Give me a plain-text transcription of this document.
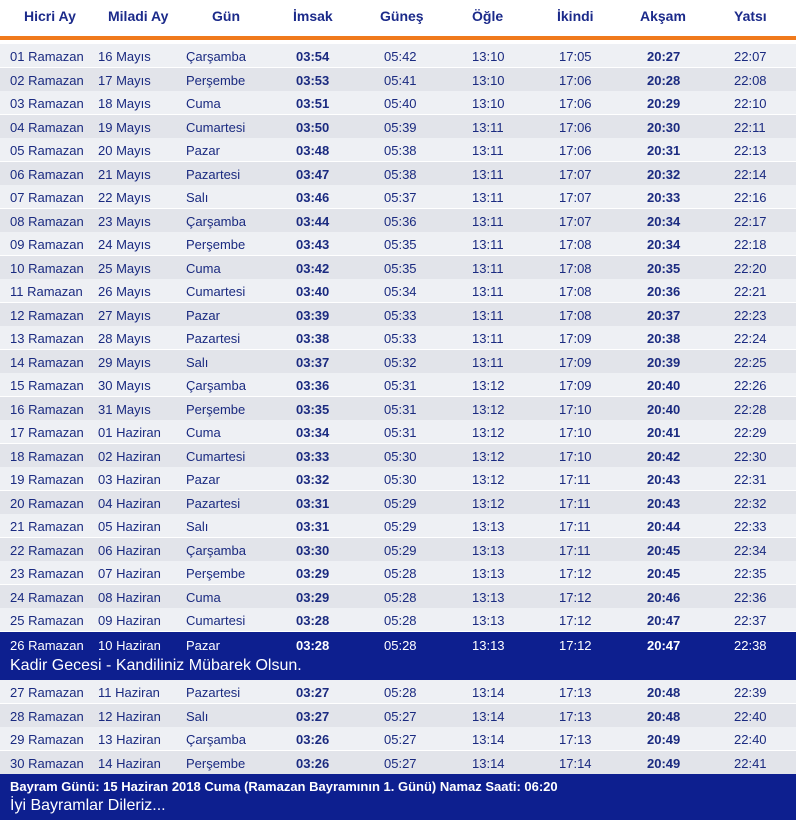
Hicri Ay Miladi Ay	Gün	İmsak	Güneş	Öğle	İkindi	Akşam	Yatsı
01 Ramazan 16 Mayıs	Çarşamba	03:54	05:42	13:10	17:05	20:27	22:07
02 Ramazan 17 Mayıs	Perşembe	03:53	05:41	13:10	17:06	20:28	22:08
03 Ramazan 18 Mayıs	Cuma	03:51	05:40	13:10	17:06	20:29	22:10
04 Ramazan 19 Mayıs	Cumartesi	03:50	05:39	13:11	17:06	20:30	22:11
05 Ramazan 20 Mayıs	Pazar	03:48	05:38	13:11	17:06	20:31	22:13
06 Ramazan 21 Mayıs	Pazartesi	03:47	05:38	13:11	17:07	20:32	22:14
07 Ramazan 22 Mayıs	Salı	03:46	05:37	13:11	17:07	20:33	22:16
08 Ramazan 23 Mayıs	Çarşamba	03:44	05:36	13:11	17:07	20:34	22:17
09 Ramazan 24 Mayıs	Perşembe	03:43	05:35	13:11	17:08	20:34	22:18
10 Ramazan 25 Mayıs	Cuma	03:42	05:35	13:11	17:08	20:35	22:20
11 Ramazan 26 Mayıs	Cumartesi	03:40	05:34	13:11	17:08	20:36	22:21
12 Ramazan 27 Mayıs	Pazar	03:39	05:33	13:11	17:08	20:37	22:23
13 Ramazan 28 Mayıs	Pazartesi	03:38	05:33	13:11	17:09	20:38	22:24
14 Ramazan 29 Mayıs	Salı	03:37	05:32	13:11	17:09	20:39	22:25
15 Ramazan 30 Mayıs	Çarşamba	03:36	05:31	13:12	17:09	20:40	22:26
16 Ramazan 31 Mayıs	Perşembe	03:35	05:31	13:12	17:10	20:40	22:28
17 Ramazan 01 Haziran Cuma	03:34	05:31	13:12	17:10	20:41	22:29
18 Ramazan 02 Haziran Cumartesi	03:33	05:30	13:12	17:10	20:42	22:30
19 Ramazan 03 Haziran Pazar	03:32	05:30	13:12	17:11	20:43	22:31
20 Ramazan 04 Haziran Pazartesi	03:31	05:29	13:12	17:11	20:43	22:32
21 Ramazan 05 Haziran Salı	03:31	05:29	13:13	17:11	20:44	22:33
22 Ramazan 06 Haziran Çarşamba	03:30	05:29	13:13	17:11	20:45	22:34
23 Ramazan 07 Haziran Perşembe	03:29	05:28	13:13	17:12	20:45	22:35
24 Ramazan 08 Haziran Cuma	03:29	05:28	13:13	17:12	20:46	22:36
25 Ramazan 09 Haziran Cumartesi	03:28	05:28	13:13	17:12	20:47	22:37
26 Ramazan 10 Haziran Pazar	03:28	05:28	13:13	17:12	20:47	22:38
Kadir Gecesi - Kandiliniz Mübarek Olsun.
27 Ramazan 11 Haziran Pazartesi	03:27	05:28	13:14	17:13	20:48	22:39
28 Ramazan 12 Haziran Salı	03:27	05:27	13:14	17:13	20:48	22:40
29 Ramazan 13 Haziran Çarşamba	03:26	05:27	13:14	17:13	20:49	22:40
30 Ramazan 14 Haziran Perşembe	03:26	05:27	13:14	17:14	20:49	22:41
Bayram Günü: 15 Haziran 2018 Cuma (Ramazan Bayramının 1. Günü) Namaz Saati: 06:20
İyi Bayramlar Dileriz...
